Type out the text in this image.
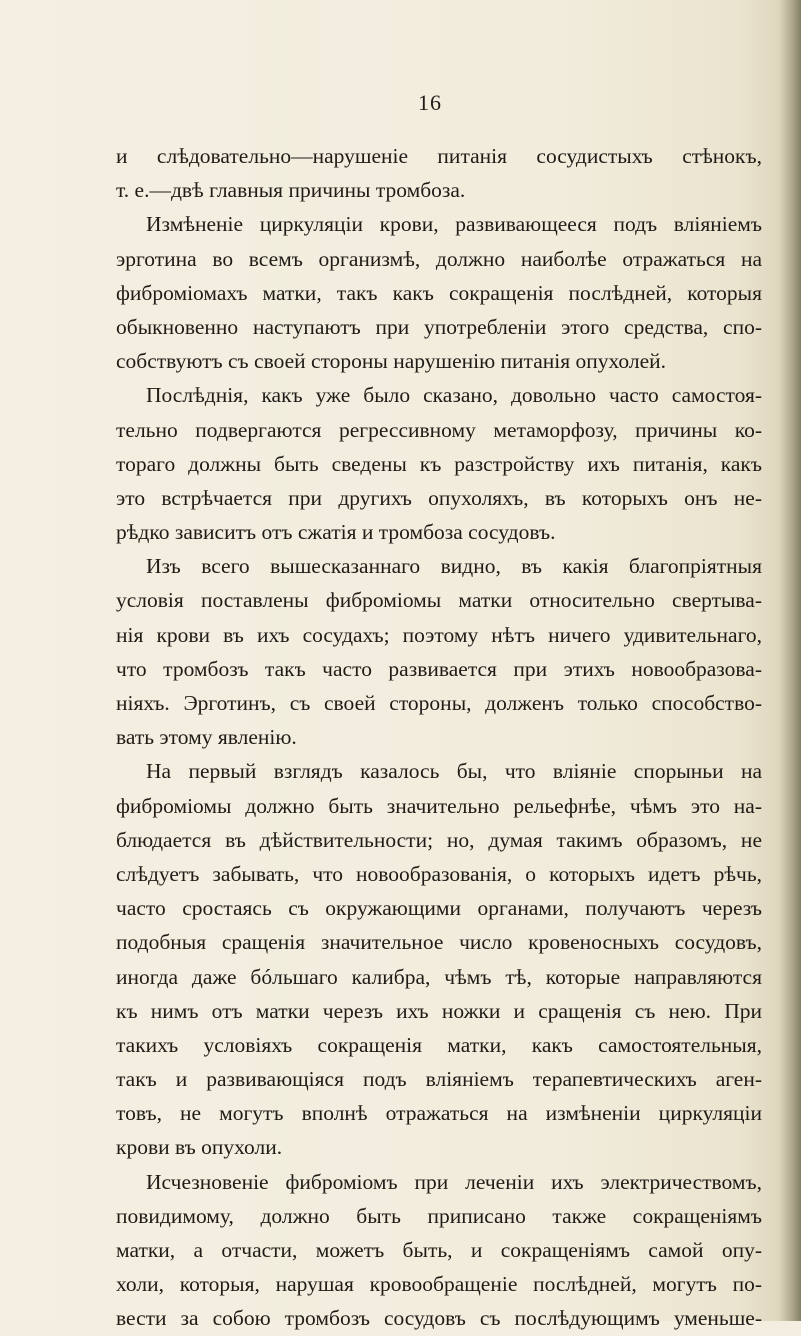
16
и слѣдовательно—нарушеніе питанія сосудистыхъ стѣнокъ,
т. е.—двѣ главныя причины тромбоза.
Измѣненіе циркуляціи крови, развивающееся подъ вліяніемъ
эрготина во всемъ организмѣ, должно наиболѣе отражаться на
фиброміомахъ матки, такъ какъ сокращенія послѣдней, которыя
обыкновенно наступаютъ при употребленіи этого средства, спо-
собствуютъ съ своей стороны нарушенію питанія опухолей.
Послѣднія, какъ уже было сказано, довольно часто самостоя-
тельно подвергаются регрессивному метаморфозу, причины ко-
тораго должны быть сведены къ разстройству ихъ питанія, какъ
это встрѣчается при другихъ опухоляхъ, въ которыхъ онъ не-
рѣдко зависитъ отъ сжатія и тромбоза сосудовъ.
Изъ всего вышесказаннаго видно, въ какія благопріятныя
условія поставлены фиброміомы матки относительно свертыва-
нія крови въ ихъ сосудахъ; поэтому нѣтъ ничего удивительнаго,
что тромбозъ такъ часто развивается при этихъ новообразова-
ніяхъ. Эрготинъ, съ своей стороны, долженъ только способство-
вать этому явленію.
На первый взглядъ казалось бы, что вліяніе спорыньи на
фиброміомы должно быть значительно рельефнѣе, чѣмъ это на-
блюдается въ дѣйствительности; но, думая такимъ образомъ, не
слѣдуетъ забывать, что новообразованія, о которыхъ идетъ рѣчь,
часто сростаясь съ окружающими органами, получаютъ черезъ
подобныя сращенія значительное число кровеносныхъ сосудовъ,
иногда даже бóльшаго калибра, чѣмъ тѣ, которые направляются
къ нимъ отъ матки черезъ ихъ ножки и сращенія съ нею. При
такихъ условіяхъ сокращенія матки, какъ самостоятельныя,
такъ и развивающіяся подъ вліяніемъ терапевтическихъ аген-
товъ, не могутъ вполнѣ отражаться на измѣненіи циркуляціи
крови въ опухоли.
Исчезновеніе фиброміомъ при леченіи ихъ электричествомъ,
повидимому, должно быть приписано также сокращеніямъ
матки, а отчасти, можетъ быть, и сокращеніямъ самой опу-
холи, которыя, нарушая кровообращеніе послѣдней, могутъ по-
вести за собою тромбозъ сосудовъ съ послѣдующимъ уменьше-
